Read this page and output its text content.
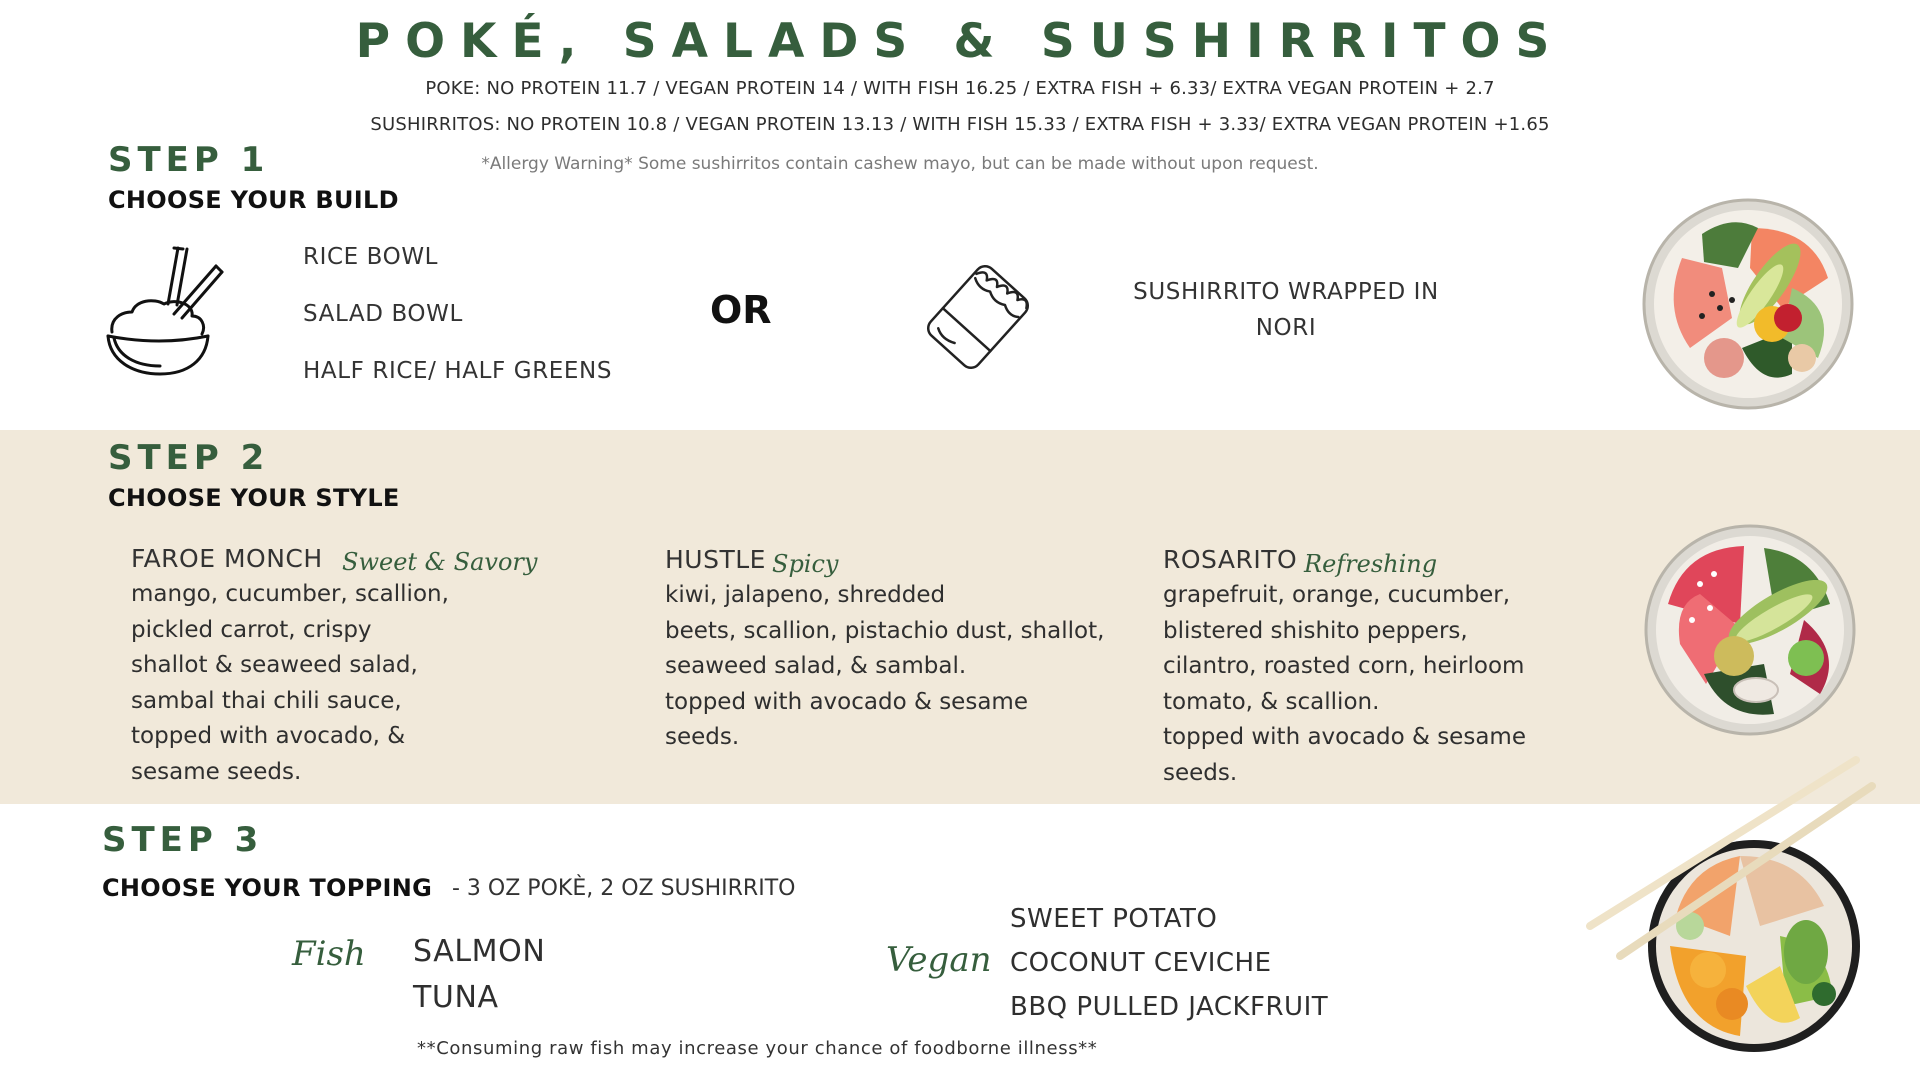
POKÉ, SALADS & SUSHIRRITOS
POKE: NO PROTEIN 11.7 / VEGAN PROTEIN 14 / WITH FISH 16.25 / EXTRA FISH + 6.33/ EXTRA VEGAN PROTEIN + 2.7
SUSHIRRITOS: NO PROTEIN 10.8 / VEGAN PROTEIN 13.13 / WITH FISH 15.33 / EXTRA FISH + 3.33/ EXTRA VEGAN PROTEIN +1.65
*Allergy Warning* Some sushirritos contain cashew mayo, but can be made without upon request.
STEP 1
CHOOSE YOUR BUILD
RICE BOWL
SALAD BOWL
HALF RICE/ HALF GREENS
OR	SUSHIRRITO WRAPPED IN
NORI
STEP 2
CHOOSE YOUR STYLE
FAROE MONCH Sweet & Savory
mango, cucumber, scallion,
pickled carrot, crispy
shallot & seaweed salad,
sambal thai chili sauce,
topped with avocado, &
sesame seeds.
HUSTLE Spicy
kiwi, jalapeno, shredded
beets, scallion, pistachio dust, shallot,
seaweed salad, & sambal.
topped with avocado & sesame
seeds.
ROSARITO Refreshing
grapefruit, orange, cucumber,
blistered shishito peppers,
cilantro, roasted corn, heirloom
tomato, & scallion.
topped with avocado & sesame
seeds.
STEP 3
CHOOSE YOUR TOPPING - 3 OZ POKÈ, 2 OZ SUSHIRRITO
Fish SALMON
TUNA
Vegan
SWEET POTATO
COCONUT CEVICHE
BBQ PULLED JACKFRUIT
**Consuming raw fish may increase your chance of foodborne illness**
